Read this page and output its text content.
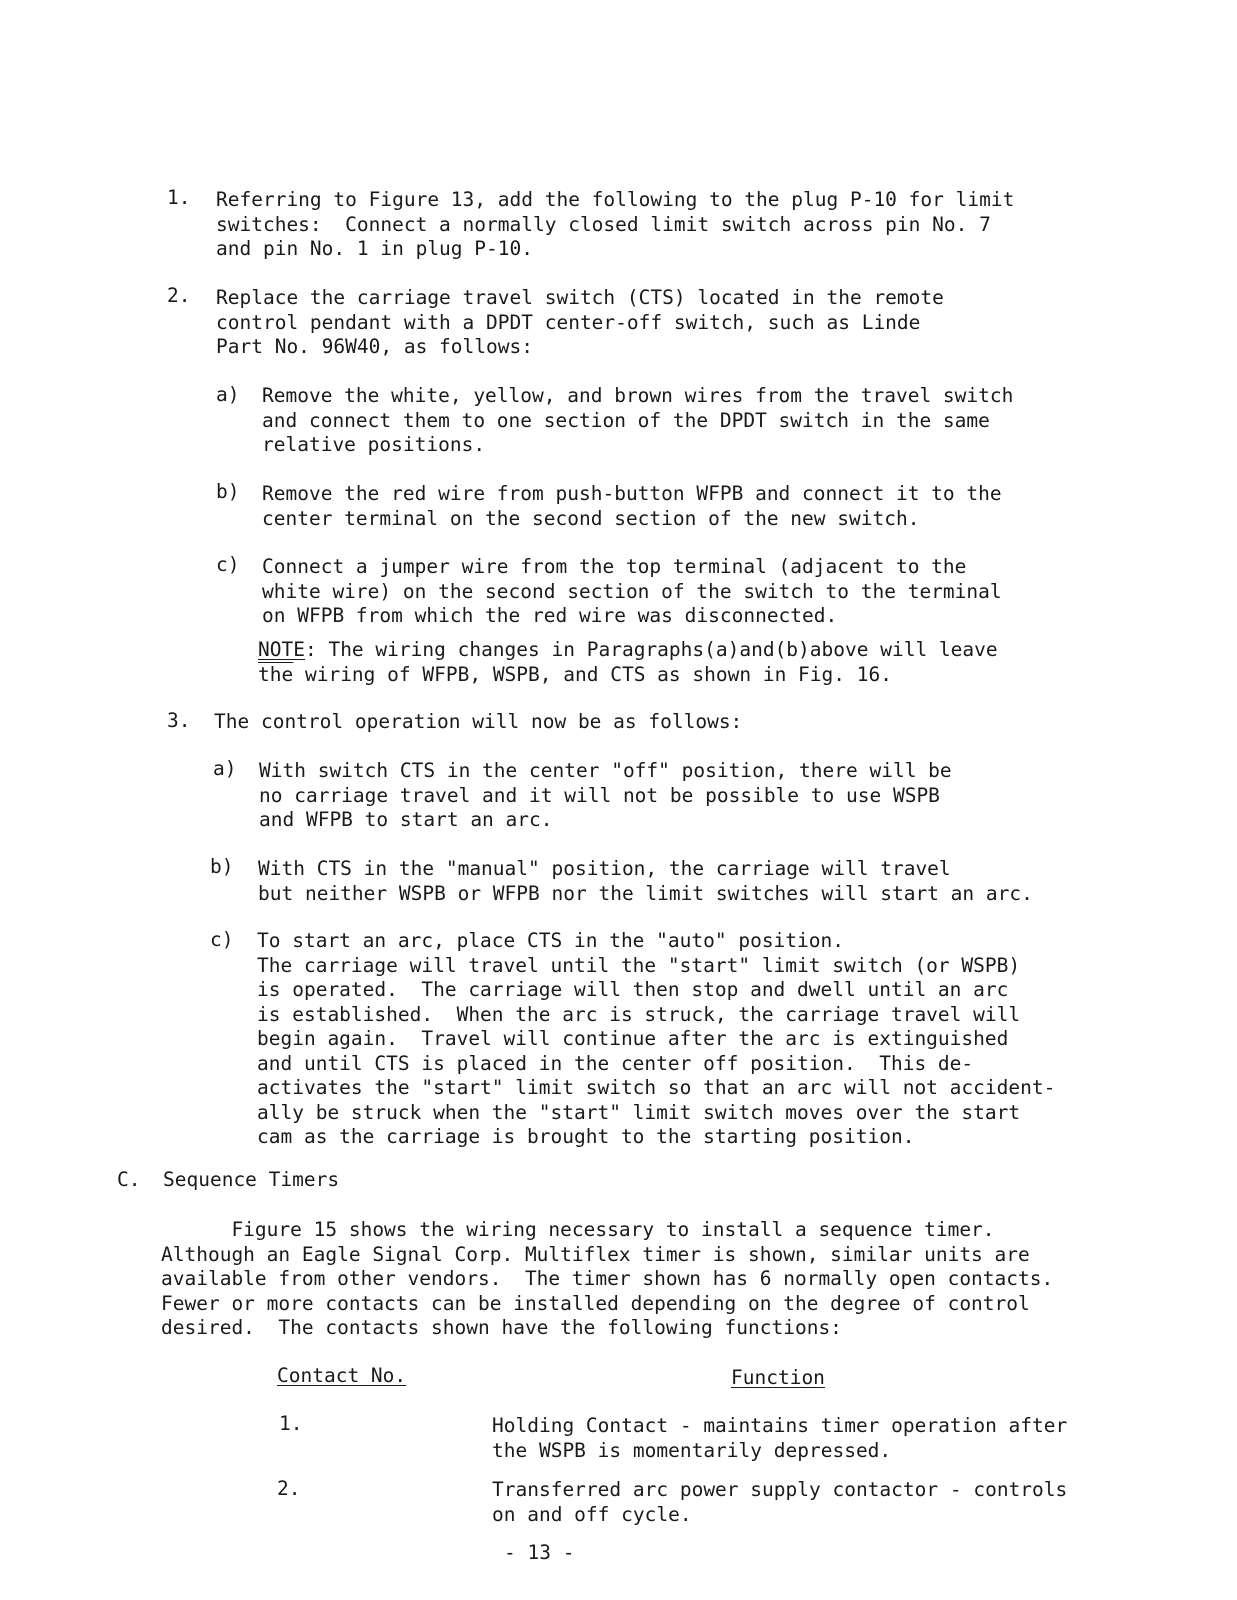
1. Referring to Figure 13, add the following to the plug P-10 for limit
switches:  Connect a normally closed limit switch across pin No. 7
and pin No. 1 in plug P-10.
2. Replace the carriage travel switch (CTS) located in the remote
control pendant with a DPDT center-off switch, such as Linde
Part No. 96W40, as follows:
a) Remove the white, yellow, and brown wires from the travel switch
and connect them to one section of the DPDT switch in the same
relative positions.
b) Remove the red wire from push-button WFPB and connect it to the
center terminal on the second section of the new switch.
c) Connect a jumper wire from the top terminal (adjacent to the
white wire) on the second section of the switch to the terminal
on WFPB from which the red wire was disconnected.
NOTE: The wiring changes in Paragraphs(a)and(b)above will leave
$\overline{the}$ wiring of WFPB, WSPB, and CTS as shown in Fig. 16.
3. The control operation will now be as follows:
a) With switch CTS in the center "off" position, there will be
no carriage travel and it will not be possible to use WSPB
and WFPB to start an arc.
b) With CTS in the "manual" position, the carriage will travel
but neither WSPB or WFPB nor the limit switches will start an arc.
c) To start an arc, place CTS in the "auto" position.
The carriage will travel until the "start" limit switch (or WSPB)
is operated.  The carriage will then stop and dwell until an arc
is established.  When the arc is struck, the carriage travel will
begin again.  Travel will continue after the arc is extinguished
and until CTS is placed in the center off position.  This de-
activates the "start" limit switch so that an arc will not accident-
ally be struck when the "start" limit switch moves over the start
cam as the carriage is brought to the starting position.
C. Sequence Timers
Figure 15 shows the wiring necessary to install a sequence timer.
Although an Eagle Signal Corp. Multiflex timer is shown, similar units are
available from other vendors.  The timer shown has 6 normally open contacts.
Fewer or more contacts can be installed depending on the degree of control
desired.  The contacts shown have the following functions:
Contact No.	Function
1.	Holding Contact - maintains timer operation after
the WSPB is momentarily depressed.
2.	Transferred arc power supply contactor - controls
on and off cycle.
- 13 -
